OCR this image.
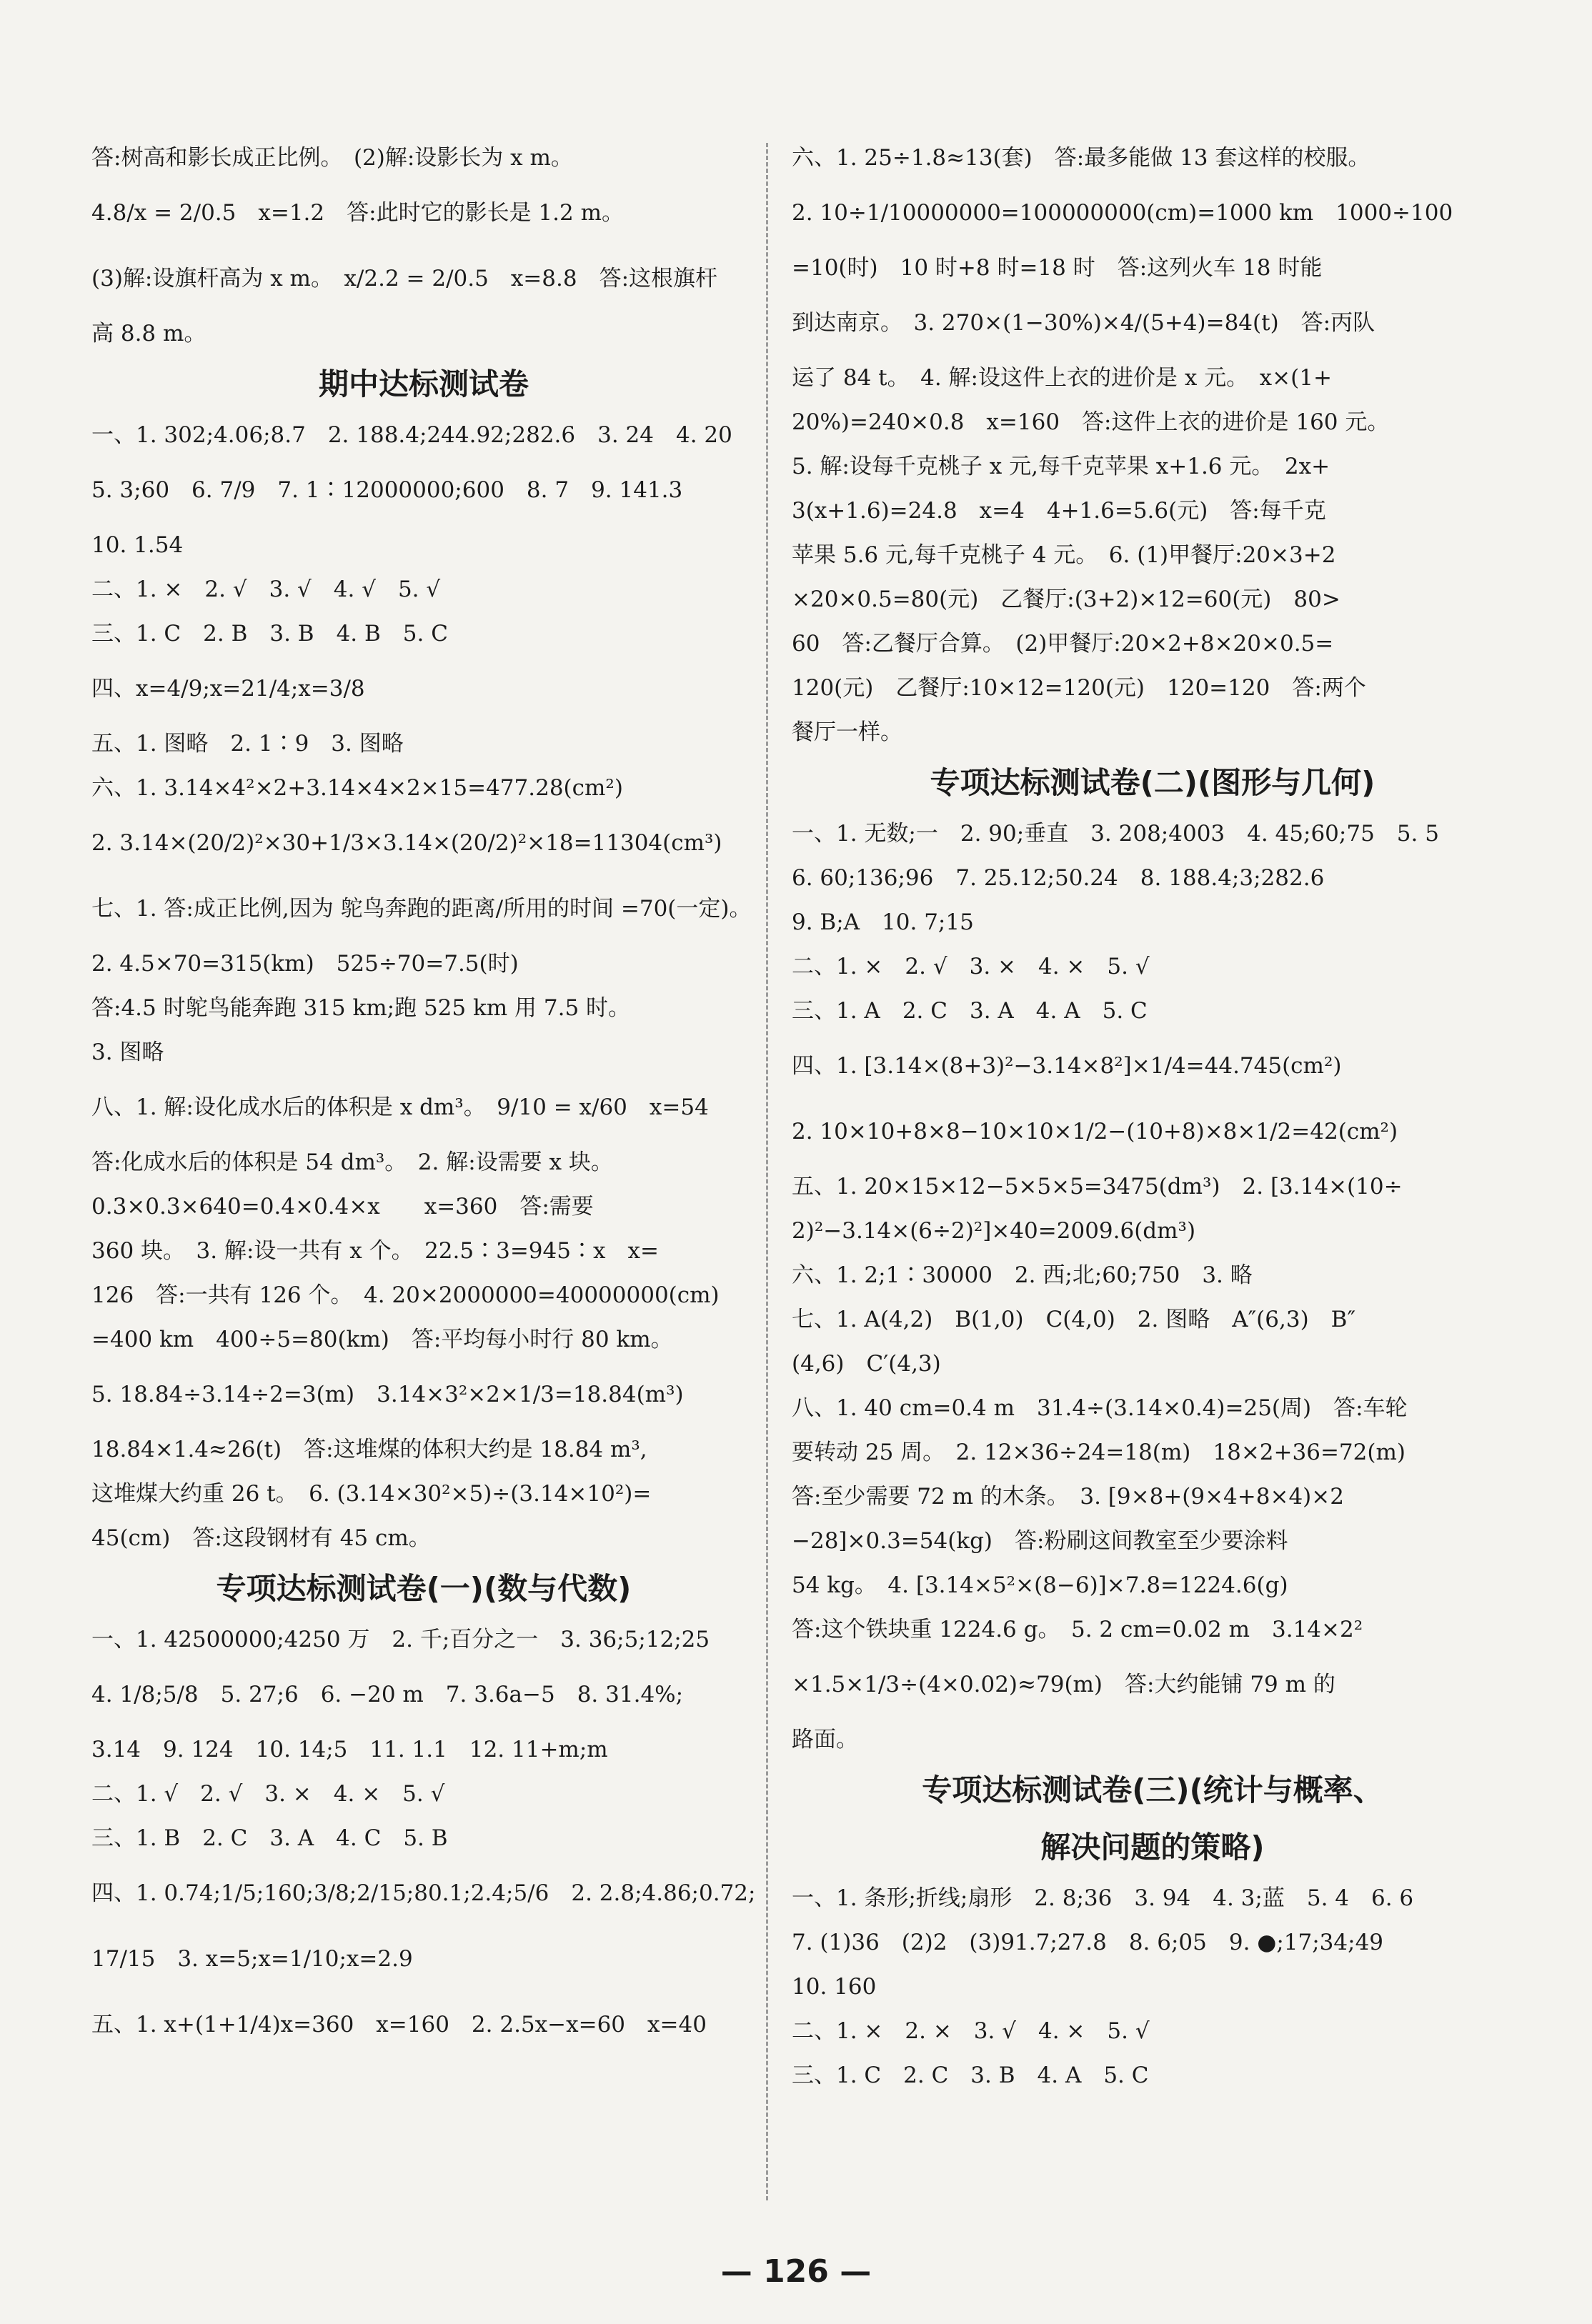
答:树高和影长成正比例。　(2)解:设影长为 x m。
4.8/x = 2/0.5　x=1.2　答:此时它的影长是 1.2 m。
(3)解:设旗杆高为 x m。　x/2.2 = 2/0.5　x=8.8　答:这根旗杆
高 8.8 m。
期中达标测试卷
一、1. 302;4.06;8.7　2. 188.4;244.92;282.6　3. 24　4. 20
5. 3;60　6. 7/9　7. 1∶12000000;600　8. 7　9. 141.3
10. 1.54
二、1. ×　2. √　3. √　4. √　5. √
三、1. C　2. B　3. B　4. B　5. C
四、x=4/9;x=21/4;x=3/8
五、1. 图略　2. 1∶9　3. 图略
六、1. 3.14×4²×2+3.14×4×2×15=477.28(cm²)
2. 3.14×(20/2)²×30+1/3×3.14×(20/2)²×18=11304(cm³)
七、1. 答:成正比例,因为 鸵鸟奔跑的距离/所用的时间 =70(一定)。
2. 4.5×70=315(km)　525÷70=7.5(时)
答:4.5 时鸵鸟能奔跑 315 km;跑 525 km 用 7.5 时。
3. 图略
八、1. 解:设化成水后的体积是 x dm³。　9/10 = x/60　x=54
答:化成水后的体积是 54 dm³。　2. 解:设需要 x 块。
0.3×0.3×640=0.4×0.4×x　　x=360　答:需要
360 块。　3. 解:设一共有 x 个。　22.5∶3=945∶x　x=
126　答:一共有 126 个。　4. 20×2000000=40000000(cm)
=400 km　400÷5=80(km)　答:平均每小时行 80 km。
5. 18.84÷3.14÷2=3(m)　3.14×3²×2×1/3=18.84(m³)
18.84×1.4≈26(t)　答:这堆煤的体积大约是 18.84 m³,
这堆煤大约重 26 t。　6. (3.14×30²×5)÷(3.14×10²)=
45(cm)　答:这段钢材有 45 cm。
专项达标测试卷(一)(数与代数)
一、1. 42500000;4250 万　2. 千;百分之一　3. 36;5;12;25
4. 1/8;5/8　5. 27;6　6. −20 m　7. 3.6a−5　8. 31.4%;
3.14　9. 124　10. 14;5　11. 1.1　12. 11+m;m
二、1. √　2. √　3. ×　4. ×　5. √
三、1. B　2. C　3. A　4. C　5. B
四、1. 0.74;1/5;160;3/8;2/15;80.1;2.4;5/6　2. 2.8;4.86;0.72;
17/15　3. x=5;x=1/10;x=2.9
五、1. x+(1+1/4)x=360　x=160　2. 2.5x−x=60　x=40
六、1. 25÷1.8≈13(套)　答:最多能做 13 套这样的校服。
2. 10÷1/10000000=100000000(cm)=1000 km　1000÷100
=10(时)　10 时+8 时=18 时　答:这列火车 18 时能
到达南京。　3. 270×(1−30%)×4/(5+4)=84(t)　答:丙队
运了 84 t。　4. 解:设这件上衣的进价是 x 元。　x×(1+
20%)=240×0.8　x=160　答:这件上衣的进价是 160 元。
5. 解:设每千克桃子 x 元,每千克苹果 x+1.6 元。　2x+
3(x+1.6)=24.8　x=4　4+1.6=5.6(元)　答:每千克
苹果 5.6 元,每千克桃子 4 元。　6. (1)甲餐厅:20×3+2
×20×0.5=80(元)　乙餐厅:(3+2)×12=60(元)　80>
60　答:乙餐厅合算。　(2)甲餐厅:20×2+8×20×0.5=
120(元)　乙餐厅:10×12=120(元)　120=120　答:两个
餐厅一样。
专项达标测试卷(二)(图形与几何)
一、1. 无数;一　2. 90;垂直　3. 208;4003　4. 45;60;75　5. 5
6. 60;136;96　7. 25.12;50.24　8. 188.4;3;282.6
9. B;A　10. 7;15
二、1. ×　2. √　3. ×　4. ×　5. √
三、1. A　2. C　3. A　4. A　5. C
四、1. [3.14×(8+3)²−3.14×8²]×1/4=44.745(cm²)
2. 10×10+8×8−10×10×1/2−(10+8)×8×1/2=42(cm²)
五、1. 20×15×12−5×5×5=3475(dm³)　2. [3.14×(10÷
2)²−3.14×(6÷2)²]×40=2009.6(dm³)
六、1. 2;1∶30000　2. 西;北;60;750　3. 略
七、1. A(4,2)　B(1,0)　C(4,0)　2. 图略　A″(6,3)　B″
(4,6)　C′(4,3)
八、1. 40 cm=0.4 m　31.4÷(3.14×0.4)=25(周)　答:车轮
要转动 25 周。　2. 12×36÷24=18(m)　18×2+36=72(m)
答:至少需要 72 m 的木条。　3. [9×8+(9×4+8×4)×2
−28]×0.3=54(kg)　答:粉刷这间教室至少要涂料
54 kg。　4. [3.14×5²×(8−6)]×7.8=1224.6(g)
答:这个铁块重 1224.6 g。　5. 2 cm=0.02 m　3.14×2²
×1.5×1/3÷(4×0.02)≈79(m)　答:大约能铺 79 m 的
路面。
专项达标测试卷(三)(统计与概率、
解决问题的策略)
一、1. 条形;折线;扇形　2. 8;36　3. 94　4. 3;蓝　5. 4　6. 6
7. (1)36　(2)2　(3)91.7;27.8　8. 6;05　9. ●;17;34;49
10. 160
二、1. ×　2. ×　3. √　4. ×　5. √
三、1. C　2. C　3. B　4. A　5. C
— 126 —
